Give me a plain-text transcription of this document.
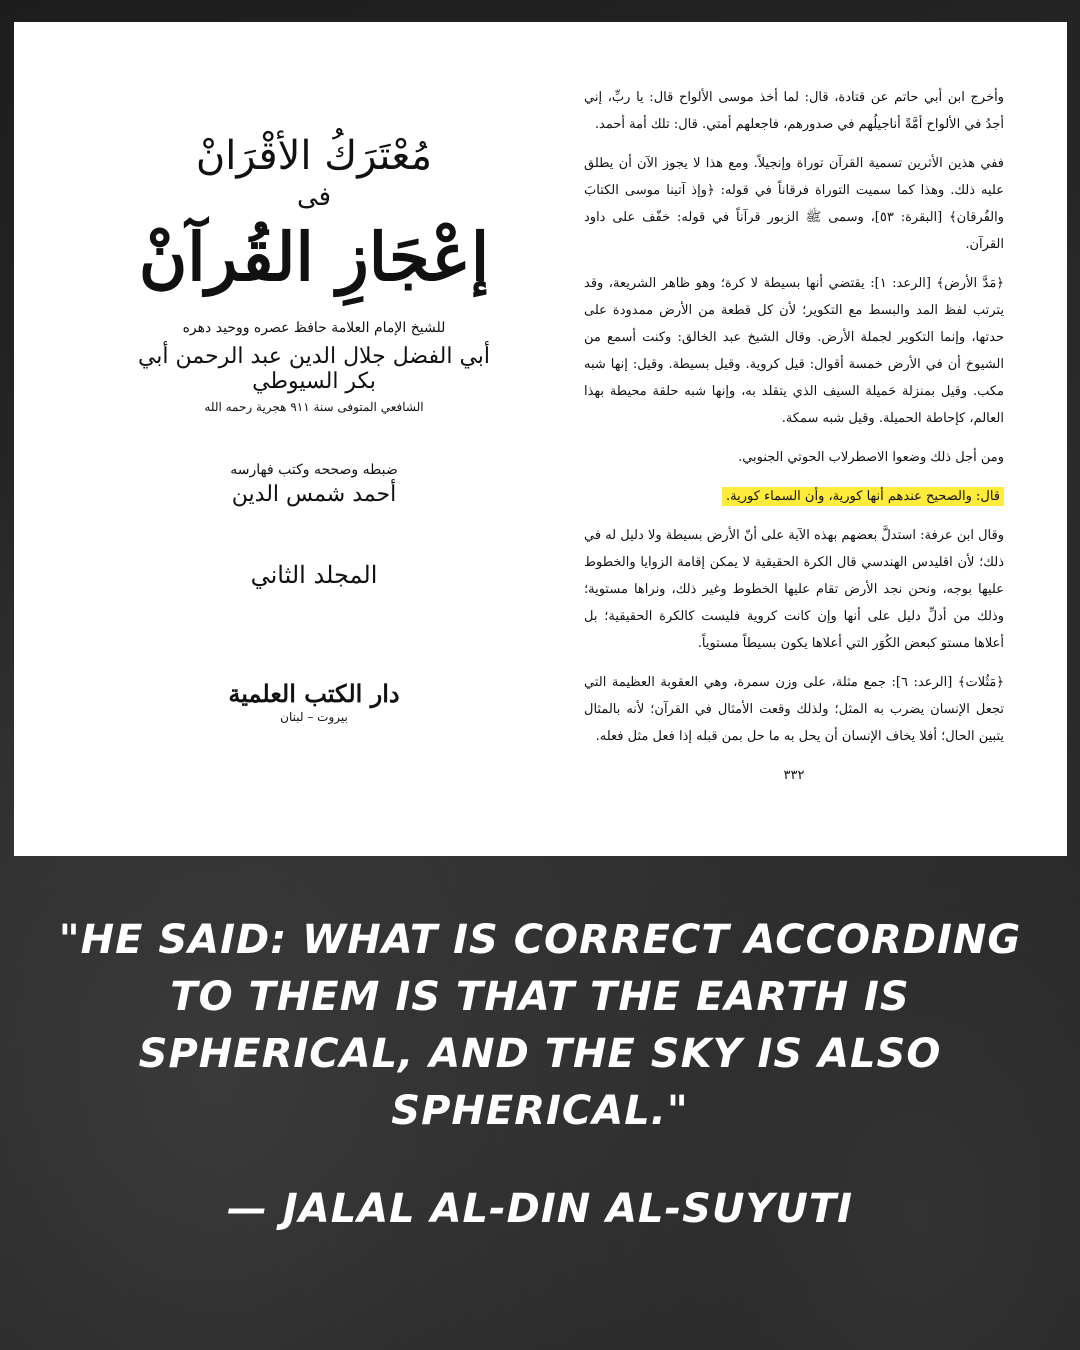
مُعْتَرَكُ الأقْرَانْ
فى
إعْجَازِ القُرآنْ
للشيخ الإمام العلامة حافظ عصره ووحيد دهره
أبي الفضل جلال الدين عبد الرحمن أبي بكر السيوطي
الشافعي المتوفى سنة ٩١١ هجرية رحمه الله
ضبطه وصححه وكتب فهارسه
أحمد شمس الدين
المجلد الثاني
دار الكتب العلمية
بيروت – لبنان

وأخرج ابن أبي حاتم عن قتادة، قال: لما أخذ موسى الألواح قال: يا ربِّ، إني أجدُ في الألواح أمَّةً أناجيلُهم في صدورهم، فاجعلهم أمتي. قال: تلك أمة أحمد.

ففي هذين الأثرين تسمية القرآن توراة وإنجيلاً. ومع هذا لا يجوز الآن أن يطلق عليه ذلك. وهذا كما سميت التوراة فرقاناً في قوله: ﴿وإذ آتينا موسى الكتابَ والفُرقان﴾ [البقرة: ٥٣]، وسمى ﷺ الزبور قرآناً في قوله: خفّف على داود القرآن.

﴿مَدَّ الأرض﴾ [الرعد: ١]: يقتضي أنها بسيطة لا كرة؛ وهو ظاهر الشريعة، وقد يترتب لفظ المد والبسط مع التكوير؛ لأن كل قطعة من الأرض ممدودة على حدتها، وإنما التكوير لجملة الأرض. وقال الشيخ عبد الخالق: وكنت أسمع من الشيوخ أن في الأرض خمسة أقوال: قيل كروية. وقيل بسيطة. وقيل: إنها شبه مكب. وقيل بمنزلة حَميلة السيف الذي يتقلد به، وإنها شبه حلقة محيطة بهذا العالم، كإحاطة الحميلة. وقيل شبه سمكة.

ومن أجل ذلك وضعوا الاصطرلاب الحوتي الجنوبي.

قال: والصحيح عندهم أنها كورية، وأن السماء كورية.

وقال ابن عرفة: استدلَّ بعضهم بهذه الآية على أنّ الأرض بسيطة ولا دليل له في ذلك؛ لأن اقليدس الهندسي قال الكرة الحقيقية لا يمكن إقامة الزوايا والخطوط عليها بوجه، ونحن نجد الأرض تقام عليها الخطوط وغير ذلك، ونراها مستوية؛ وذلك من أدلِّ دليل على أنها وإن كانت كروية فليست كالكرة الحقيقية؛ بل أعلاها مستو كبعض الكُوَر التي أعلاها يكون بسيطاً مستوياً.

﴿مَثُلات﴾ [الرعد: ٦]: جمع مثلة، على وزن سمرة، وهي العقوبة العظيمة التي تجعل الإنسان يضرب به المثل؛ ولذلك وقعت الأمثال في القرآن؛ لأنه بالمثال يتبين الحال؛ أفلا يخاف الإنسان أن يحل به ما حل بمن قبله إذا فعل مثل فعله.

٣٣٢
"HE SAID: WHAT IS CORRECT ACCORDING TO THEM IS THAT THE EARTH IS SPHERICAL, AND THE SKY IS ALSO SPHERICAL."
— JALAL AL-DIN AL-SUYUTI
